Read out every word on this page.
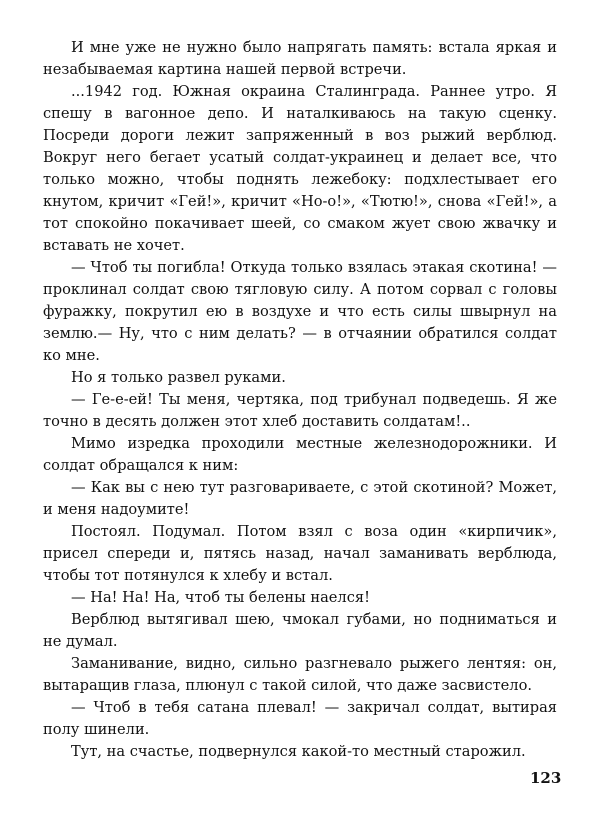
И мне уже не нужно было напрягать память: встала яркая и незабываемая картина нашей первой встречи.

...1942 год. Южная окраина Сталинграда. Раннее утро. Я спешу в вагонное депо. И наталкиваюсь на такую сценку. Посреди дороги лежит запряженный в воз рыжий верблюд. Вокруг него бегает усатый солдат-украинец и делает все, что только можно, чтобы поднять лежебоку: подхлестывает его кнутом, кричит «Гей!», кричит «Но-о!», «Тютю!», снова «Гей!», а тот спокойно покачивает шеей, со смаком жует свою жвачку и вставать не хочет.

— Чтоб ты погибла! Откуда только взялась этакая скотина! — проклинал солдат свою тягловую силу. А потом сорвал с головы фуражку, покрутил ею в воздухе и что есть силы швырнул на землю.— Ну, что с ним делать? — в отчаянии обратился солдат ко мне.

Но я только развел руками.

— Ге-е-ей! Ты меня, чертяка, под трибунал подведешь. Я же точно в десять должен этот хлеб доставить солдатам!..

Мимо изредка проходили местные железнодорожники. И солдат обращался к ним:

— Как вы с нею тут разговариваете, с этой скотиной? Может, и меня надоумите!

Постоял. Подумал. Потом взял с воза один «кирпичик», присел спереди и, пятясь назад, начал заманивать верблюда, чтобы тот потянулся к хлебу и встал.

— На! На! На, чтоб ты белены наелся!

Верблюд вытягивал шею, чмокал губами, но подниматься и не думал.

Заманивание, видно, сильно разгневало рыжего лентяя: он, вытаращив глаза, плюнул с такой силой, что даже засвистело.

— Чтоб в тебя сатана плевал! — закричал солдат, вытирая полу шинели.

Тут, на счастье, подвернулся какой-то местный старожил.

123
